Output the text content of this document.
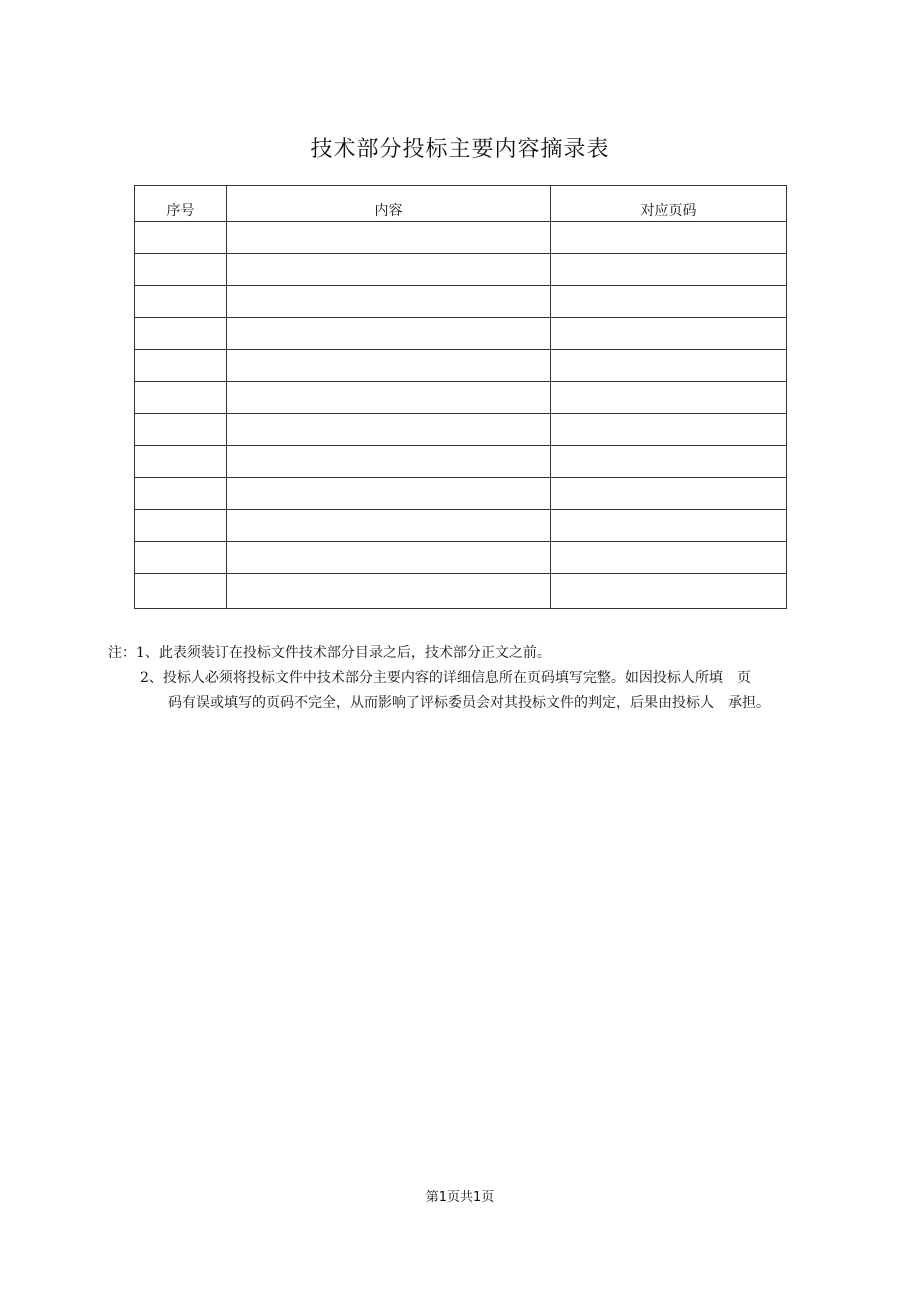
技术部分投标主要内容摘录表
序号	内容	对应页码

注：1、此表须装订在投标文件技术部分目录之后，技术部分正文之前。
2、投标人必须将投标文件中技术部分主要内容的详细信息所在页码填写完整。如因投标人所填　页
码有误或填写的页码不完全，从而影响了评标委员会对其投标文件的判定，后果由投标人　承担。
第1页共1页
